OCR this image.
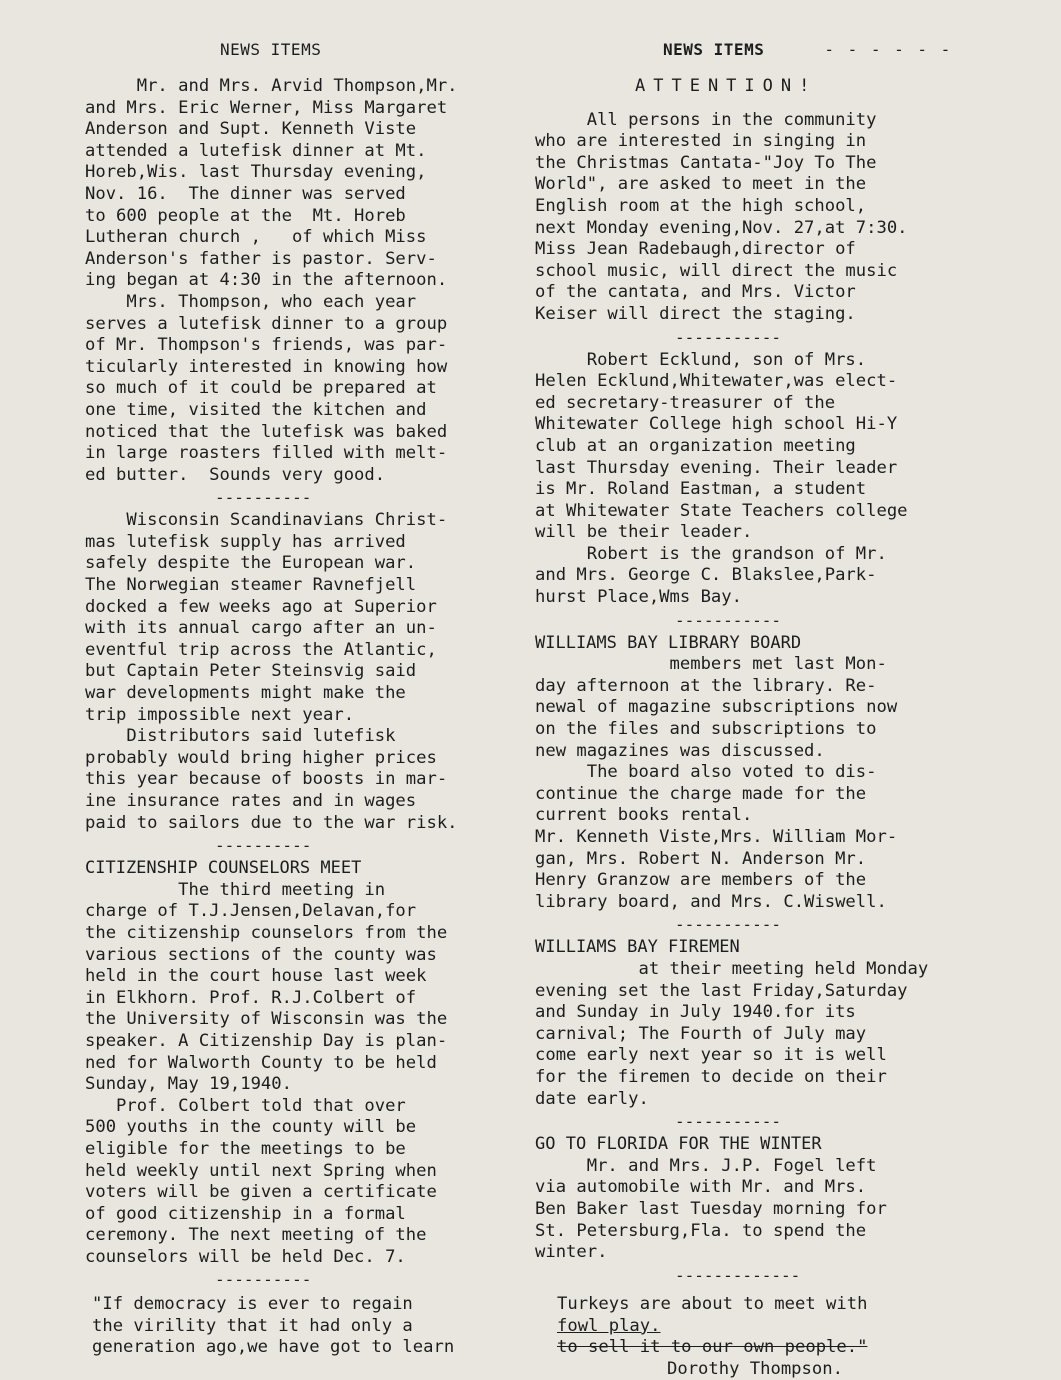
NEWS ITEMS
Mr. and Mrs. Arvid Thompson,Mr.
and Mrs. Eric Werner, Miss Margaret
Anderson and Supt. Kenneth Viste
attended a lutefisk dinner at Mt.
Horeb,Wis. last Thursday evening,
Nov. 16.  The dinner was served
to 600 people at the  Mt. Horeb
Lutheran church ,   of which Miss
Anderson's father is pastor. Serv-
ing began at 4:30 in the afternoon.
Mrs. Thompson, who each year
serves a lutefisk dinner to a group
of Mr. Thompson's friends, was par-
ticularly interested in knowing how
so much of it could be prepared at
one time, visited the kitchen and
noticed that the lutefisk was baked
in large roasters filled with melt-
ed butter.  Sounds very good.
----------
Wisconsin Scandinavians Christ-
mas lutefisk supply has arrived
safely despite the European war.
The Norwegian steamer Ravnefjell
docked a few weeks ago at Superior
with its annual cargo after an un-
eventful trip across the Atlantic,
but Captain Peter Steinsvig said
war developments might make the
trip impossible next year.
Distributors said lutefisk
probably would bring higher prices
this year because of boosts in mar-
ine insurance rates and in wages
paid to sailors due to the war risk.
----------
CITIZENSHIP COUNSELORS MEET
The third meeting in
charge of T.J.Jensen,Delavan,for
the citizenship counselors from the
various sections of the county was
held in the court house last week
in Elkhorn. Prof. R.J.Colbert of
the University of Wisconsin was the
speaker. A Citizenship Day is plan-
ned for Walworth County to be held
Sunday, May 19,1940.
Prof. Colbert told that over
500 youths in the county will be
eligible for the meetings to be
held weekly until next Spring when
voters will be given a certificate
of good citizenship in a formal
ceremony. The next meeting of the
counselors will be held Dec. 7.
----------
NEWS ITEMS	- - - - - -
ATTENTION!
All persons in the community
who are interested in singing in
the Christmas Cantata-"Joy To The
World", are asked to meet in the
English room at the high school,
next Monday evening,Nov. 27,at 7:30.
Miss Jean Radebaugh,director of
school music, will direct the music
of the cantata, and Mrs. Victor
Keiser will direct the staging.
-----------
Robert Ecklund, son of Mrs.
Helen Ecklund,Whitewater,was elect-
ed secretary-treasurer of the
Whitewater College high school Hi-Y
club at an organization meeting
last Thursday evening. Their leader
is Mr. Roland Eastman, a student
at Whitewater State Teachers college
will be their leader.
Robert is the grandson of Mr.
and Mrs. George C. Blakslee,Park-
hurst Place,Wms Bay.
-----------
WILLIAMS BAY LIBRARY BOARD
members met last Mon-
day afternoon at the library. Re-
newal of magazine subscriptions now
on the files and subscriptions to
new magazines was discussed.
The board also voted to dis-
continue the charge made for the
current books rental.
Mr. Kenneth Viste,Mrs. William Mor-
gan, Mrs. Robert N. Anderson Mr.
Henry Granzow are members of the
library board, and Mrs. C.Wiswell.
-----------
WILLIAMS BAY FIREMEN
at their meeting held Monday
evening set the last Friday,Saturday
and Sunday in July 1940.for its
carnival; The Fourth of July may
come early next year so it is well
for the firemen to decide on their
date early.
-----------
GO TO FLORIDA FOR THE WINTER
Mr. and Mrs. J.P. Fogel left
via automobile with Mr. and Mrs.
Ben Baker last Tuesday morning for
St. Petersburg,Fla. to spend the
winter.
-------------
"If democracy is ever to regain
the virility that it had only a
generation ago,we have got to learn
Turkeys are about to meet with
fowl play.
to sell it to our own people."
Dorothy Thompson.
